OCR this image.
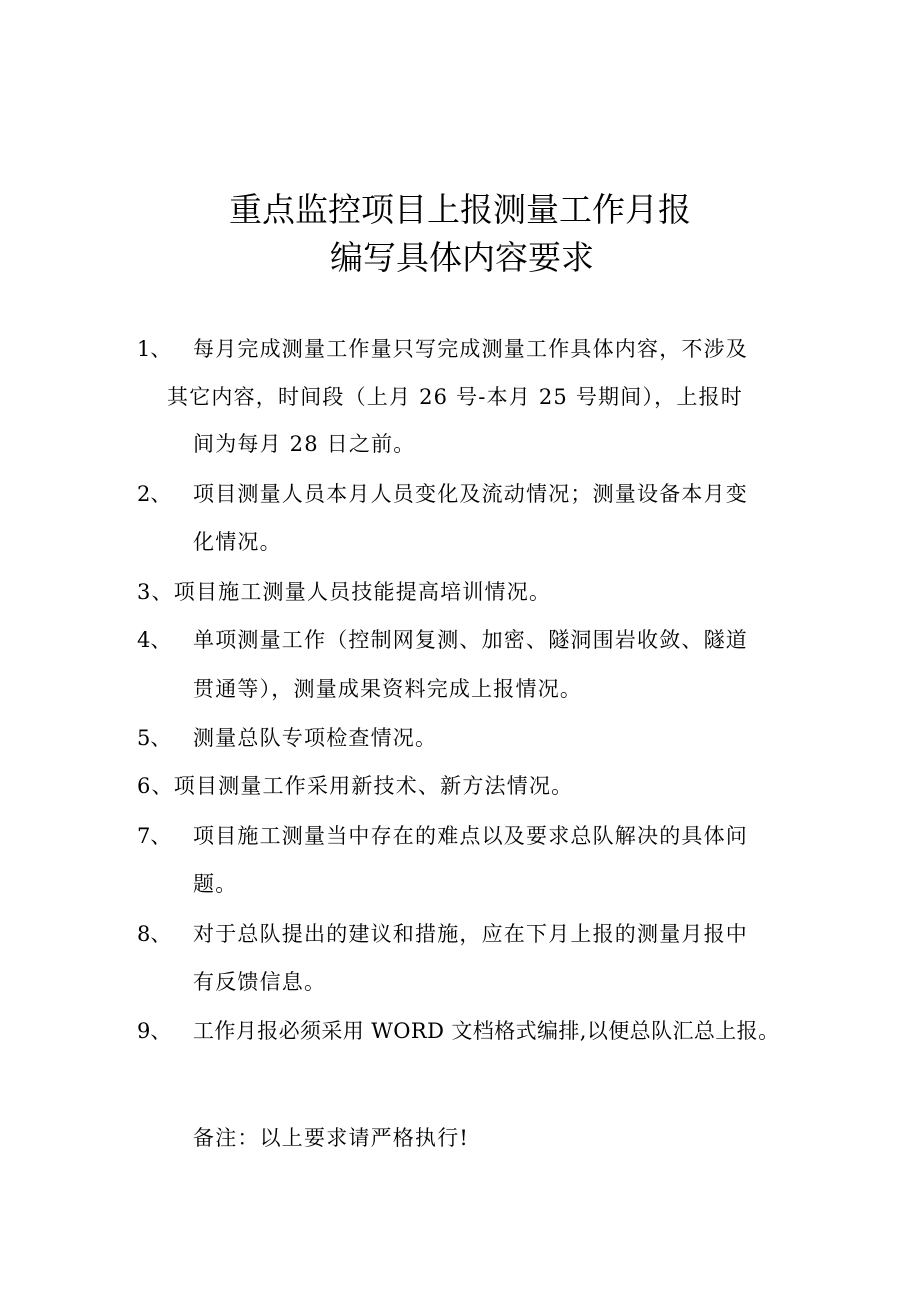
重点监控项目上报测量工作月报
编写具体内容要求
1、 每月完成测量工作量只写完成测量工作具体内容，不涉及
其它内容，时间段（上月 26 号-本月 25 号期间），上报时
间为每月 28 日之前。
2、 项目测量人员本月人员变化及流动情况；测量设备本月变
化情况。
3、项目施工测量人员技能提高培训情况。
4、 单项测量工作（控制网复测、加密、隧洞围岩收敛、隧道
贯通等），测量成果资料完成上报情况。
5、 测量总队专项检查情况。
6、项目测量工作采用新技术、新方法情况。
7、 项目施工测量当中存在的难点以及要求总队解决的具体问
题。
8、 对于总队提出的建议和措施，应在下月上报的测量月报中
有反馈信息。
9、 工作月报必须采用 WORD 文档格式编排,以便总队汇总上报。
备注：以上要求请严格执行!
